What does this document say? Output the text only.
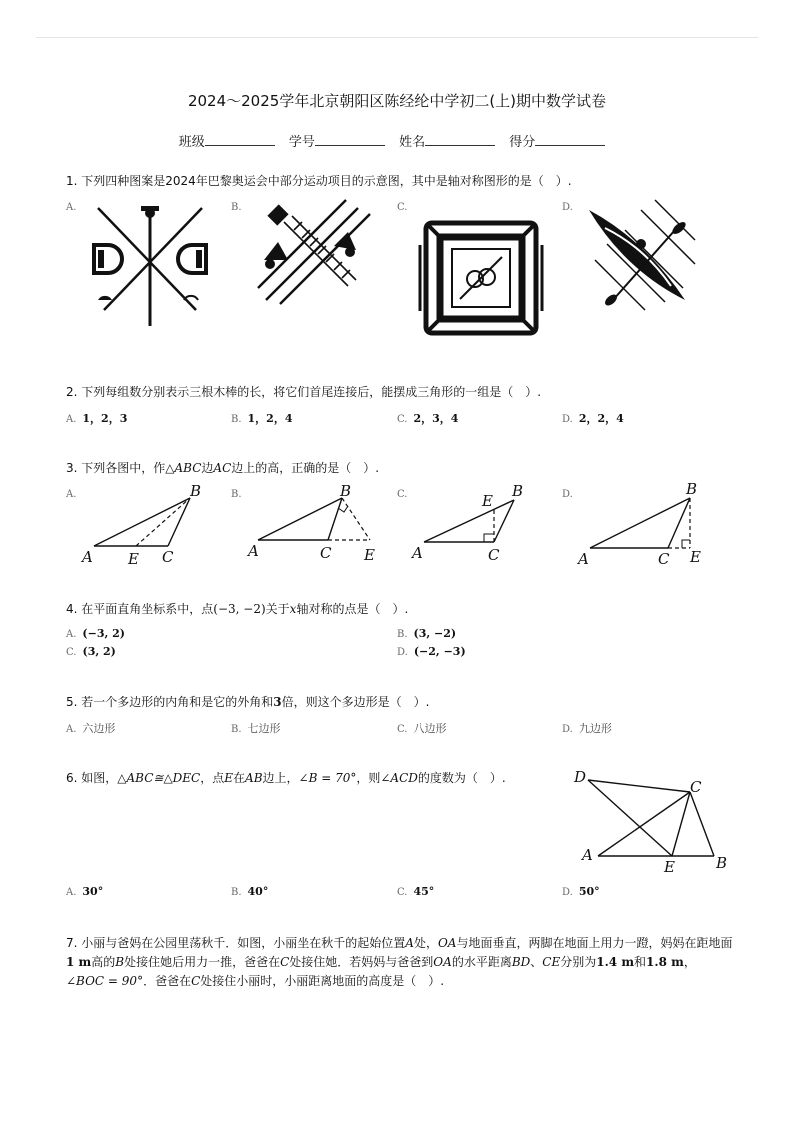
2024～2025学年北京朝阳区陈经纶中学初二(上)期中数学试卷
班级	学号	姓名	得分
1. 下列四种图案是2024年巴黎奥运会中部分运动项目的示意图，其中是轴对称图形的是（　）.
A.	B.	C.	D.
2. 下列每组数分别表示三根木棒的长，将它们首尾连接后，能摆成三角形的一组是（　）.
A. 1，2，3	B. 1，2，4	C. 2，3，4	D. 2，2，4
3. 下列各图中，作△ABC边AC边上的高，正确的是（　）.
A.	B.	C.	D.
A
B
C
E	A
B
C E A
B
C
E
A
B
C E
4. 在平面直角坐标系中，点(−3, −2)关于x轴对称的点是（　）.
A. (−3, 2)	B. (3, −2)
C. (3, 2)	D. (−2, −3)
5. 若一个多边形的内角和是它的外角和3倍，则这个多边形是（　）.
A. 六边形	B. 七边形	C. 八边形	D. 九边形
6. 如图，△ABC≅△DEC，点E在AB边上，∠B = 70°，则∠ACD的度数为（　）.	D
C
A
E	B
A. 30°	B. 40°	C. 45°	D. 50°
7. 小丽与爸妈在公园里荡秋千．如图，小丽坐在秋千的起始位置A处，OA与地面垂直，两脚在地面上用力一蹬，妈妈在距地面
1 m高的B处接住她后用力一推，爸爸在C处接住她．若妈妈与爸爸到OA的水平距离BD、CE分别为1.4 m和1.8 m，
∠BOC = 90°．爸爸在C处接住小丽时，小丽距离地面的高度是（　）.
